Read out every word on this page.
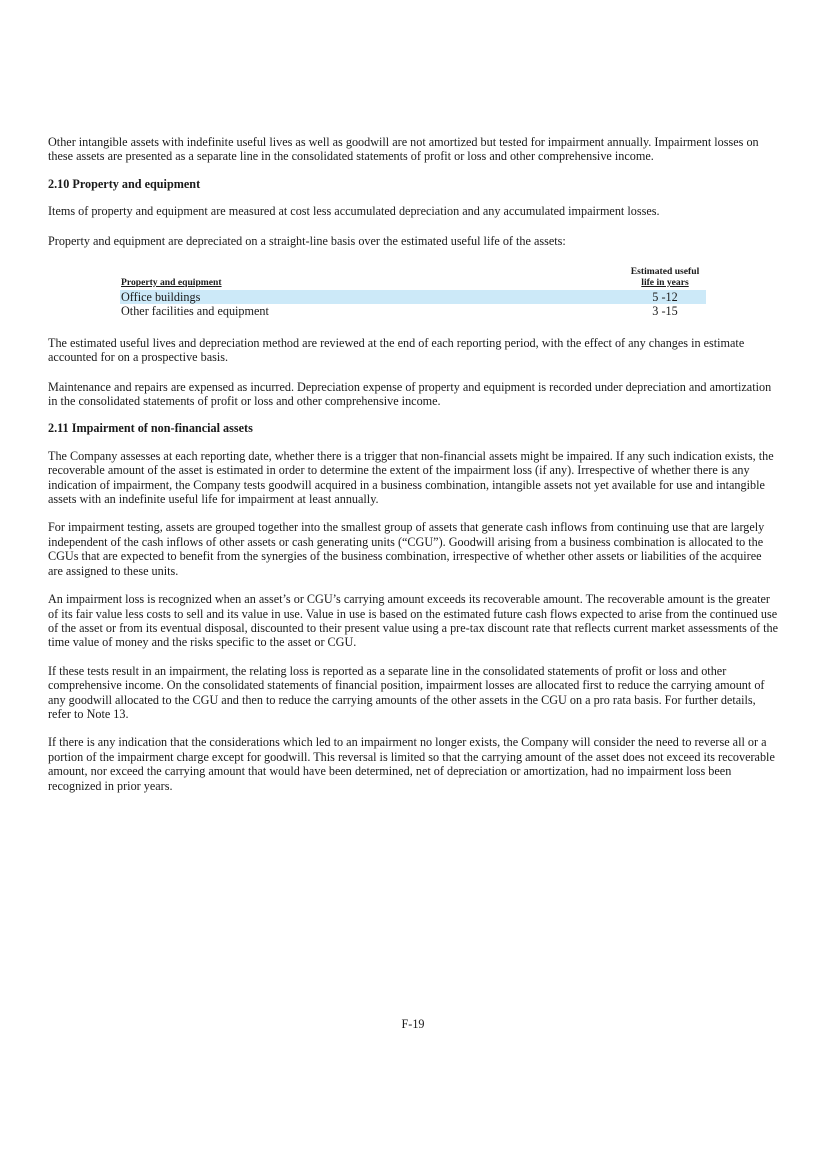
Other intangible assets with indefinite useful lives as well as goodwill are not amortized but tested for impairment annually. Impairment losses on these assets are presented as a separate line in the consolidated statements of profit or loss and other comprehensive income.

2.10 Property and equipment

Items of property and equipment are measured at cost less accumulated depreciation and any accumulated impairment losses.

Property and equipment are depreciated on a straight-line basis over the estimated useful life of the assets:

Property and equipment
Estimated useful
life in years
Office buildings	5 -12
Other facilities and equipment	3 -15

The estimated useful lives and depreciation method are reviewed at the end of each reporting period, with the effect of any changes in estimate accounted for on a prospective basis.

Maintenance and repairs are expensed as incurred. Depreciation expense of property and equipment is recorded under depreciation and amortization in the consolidated statements of profit or loss and other comprehensive income.

2.11 Impairment of non-financial assets

The Company assesses at each reporting date, whether there is a trigger that non-financial assets might be impaired. If any such indication exists, the recoverable amount of the asset is estimated in order to determine the extent of the impairment loss (if any). Irrespective of whether there is any indication of impairment, the Company tests goodwill acquired in a business combination, intangible assets not yet available for use and intangible assets with an indefinite useful life for impairment at least annually.

For impairment testing, assets are grouped together into the smallest group of assets that generate cash inflows from continuing use that are largely independent of the cash inflows of other assets or cash generating units (“CGU”). Goodwill arising from a business combination is allocated to the CGUs that are expected to benefit from the synergies of the business combination, irrespective of whether other assets or liabilities of the acquiree are assigned to these units.

An impairment loss is recognized when an asset’s or CGU’s carrying amount exceeds its recoverable amount. The recoverable amount is the greater of its fair value less costs to sell and its value in use. Value in use is based on the estimated future cash flows expected to arise from the continued use of the asset or from its eventual disposal, discounted to their present value using a pre-tax discount rate that reflects current market assessments of the time value of money and the risks specific to the asset or CGU.

If these tests result in an impairment, the relating loss is reported as a separate line in the consolidated statements of profit or loss and other comprehensive income. On the consolidated statements of financial position, impairment losses are allocated first to reduce the carrying amount of any goodwill allocated to the CGU and then to reduce the carrying amounts of the other assets in the CGU on a pro rata basis. For further details, refer to Note 13.

If there is any indication that the considerations which led to an impairment no longer exists, the Company will consider the need to reverse all or a portion of the impairment charge except for goodwill. This reversal is limited so that the carrying amount of the asset does not exceed its recoverable amount, nor exceed the carrying amount that would have been determined, net of depreciation or amortization, had no impairment loss been recognized in prior years.

F-19
